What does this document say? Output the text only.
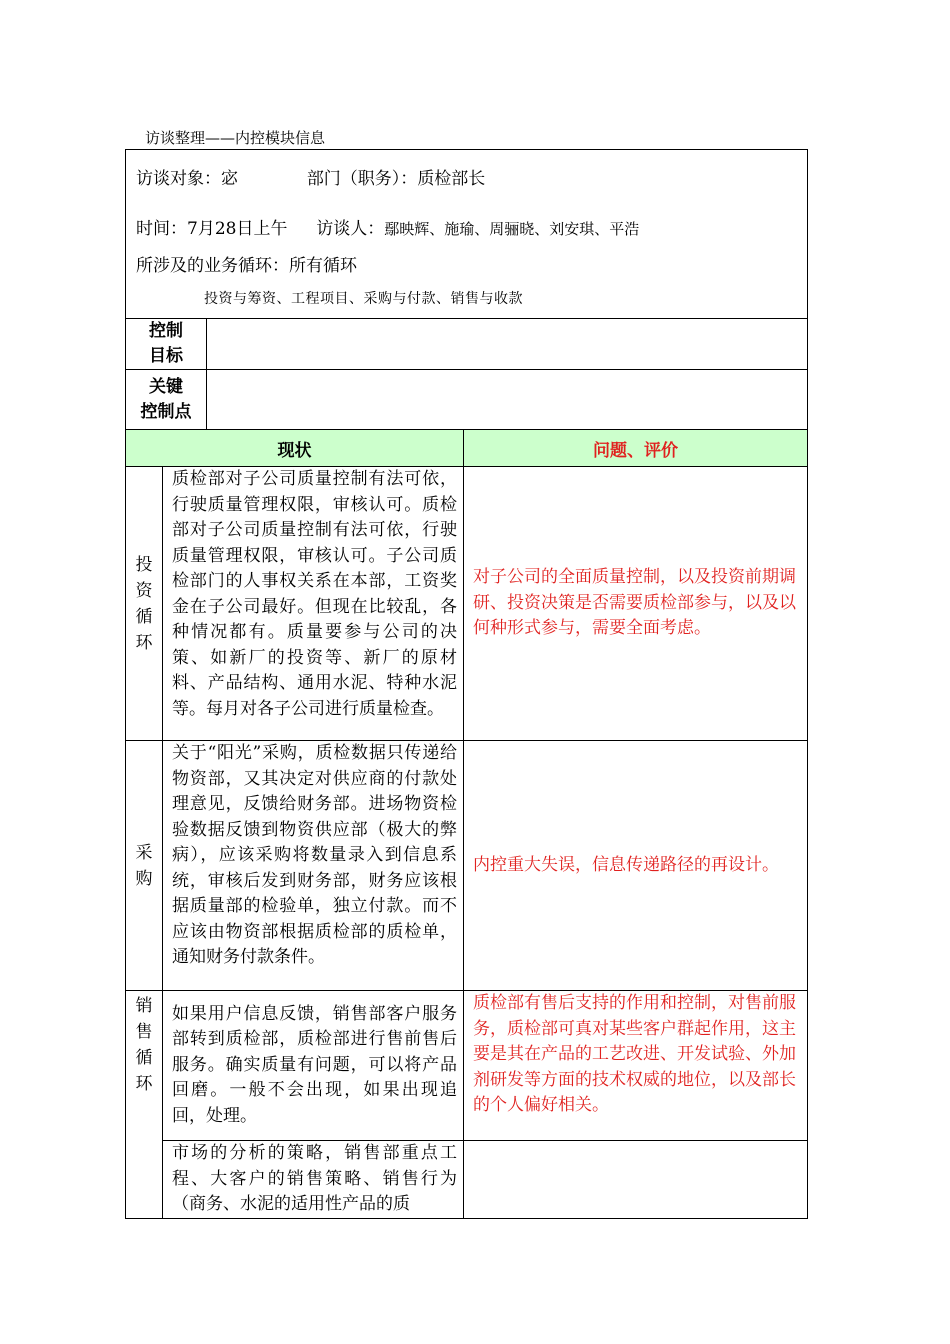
访谈整理——内控模块信息
访谈对象：宓 部门（职务）：质检部长
时间：7月28日上午 访谈人：鄢映辉、施瑜、周骊晓、刘安琪、平浩
所涉及的业务循环：所有循环
投资与筹资、工程项目、采购与付款、销售与收款			

控制
目标			
关键
控制点			
现状			问题、评价
投
资
循
环	质检部对子公司质量控制有法可依，行驶质量管理权限，审核认可。质检部对子公司质量控制有法可依，行驶质量管理权限，审核认可。子公司质检部门的人事权关系在本部，工资奖金在子公司最好。但现在比较乱，各种情况都有。质量要参与公司的决策、如新厂的投资等、新厂的原材料、产品结构、通用水泥、特种水泥等。每月对各子公司进行质量检查。		对子公司的全面质量控制，以及投资前期调研、投资决策是否需要质检部参与，以及以何种形式参与，需要全面考虑。
采
购	关于“阳光”采购，质检数据只传递给物资部，又其决定对供应商的付款处理意见，反馈给财务部。进场物资检验数据反馈到物资供应部（极大的弊病），应该采购将数量录入到信息系统，审核后发到财务部，财务应该根据质量部的检验单，独立付款。而不应该由物资部根据质检部的质检单，通知财务付款条件。		内控重大失误，信息传递路径的再设计。
销
售
循
环	如果用户信息反馈，销售部客户服务部转到质检部，质检部进行售前售后服务。确实质量有问题，可以将产品回磨。一般不会出现，如果出现追回，处理。		质检部有售后支持的作用和控制，对售前服务，质检部可真对某些客户群起作用，这主要是其在产品的工艺改进、开发试验、外加剂研发等方面的技术权威的地位，以及部长的个人偏好相关。
	市场的分析的策略，销售部重点工程、大客户的销售策略、销售行为（商务、水泥的适用性产品的质		
